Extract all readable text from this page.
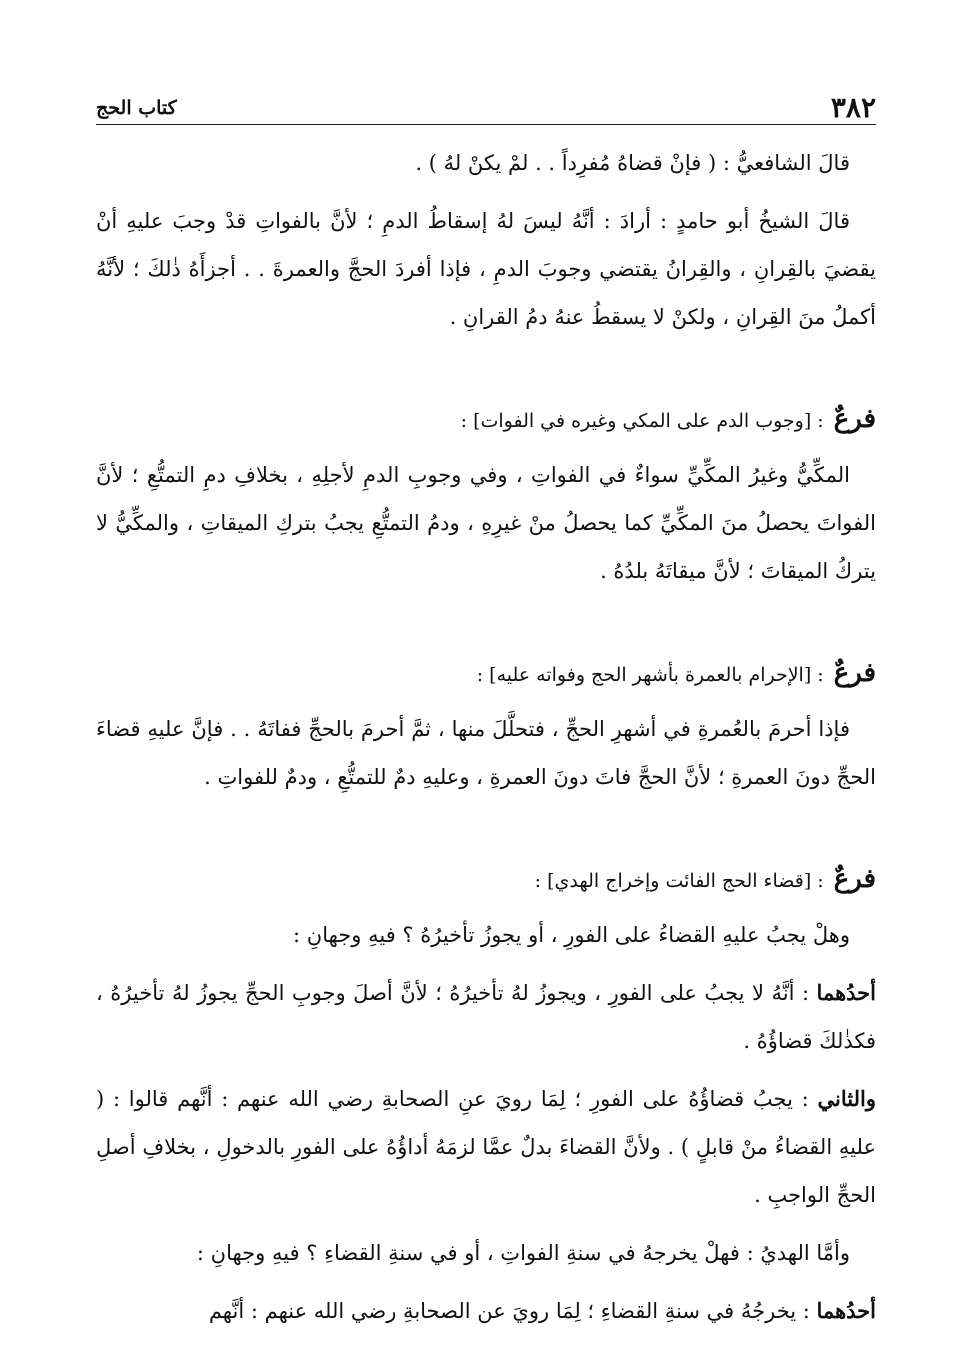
٣٨٢
كتاب الحج

قالَ الشافعيُّ : ( فإنْ قضاهُ مُفرِداً . . لمْ يكنْ لهُ ) .

قالَ الشيخُ أبو حامدٍ : أرادَ : أنَّهُ ليسَ لهُ إسقاطُ الدمِ ؛ لأنَّ بالفواتِ قدْ وجبَ عليهِ أنْ يقضيَ بالقِرانِ ، والقِرانُ يقتضي وجوبَ الدمِ ، فإذا أفردَ الحجَّ والعمرةَ . . أجزأَهُ ذٰلكَ ؛ لأنَّهُ أكملُ منَ القِرانِ ، ولكنْ لا يسقطُ عنهُ دمُ القرانِ .

فرعٌ: [وجوب الدم على المكي وغيره في الفوات] :

المكِّيُّ وغيرُ المكِّيِّ سواءٌ في الفواتِ ، وفي وجوبِ الدمِ لأجلِهِ ، بخلافِ دمِ التمتُّعِ ؛ لأنَّ الفواتَ يحصلُ منَ المكِّيِّ كما يحصلُ منْ غيرِهِ ، ودمُ التمتُّعِ يجبُ بتركِ الميقاتِ ، والمكِّيُّ لا يتركُ الميقاتَ ؛ لأنَّ ميقاتَهُ بلدُهُ .

فرعٌ: [الإحرام بالعمرة بأشهر الحج وفواته عليه] :

فإذا أحرمَ بالعُمرةِ في أشهرِ الحجِّ ، فتحلَّلَ منها ، ثمَّ أحرمَ بالحجِّ ففاتَهُ . . فإنَّ عليهِ قضاءَ الحجِّ دونَ العمرةِ ؛ لأنَّ الحجَّ فاتَ دونَ العمرةِ ، وعليهِ دمٌ للتمتُّعِ ، ودمٌ للفواتِ .

فرعٌ: [قضاء الحج الفائت وإخراج الهدي] :

وهلْ يجبُ عليهِ القضاءُ على الفورِ ، أو يجوزُ تأخيرُهُ ؟ فيهِ وجهانِ :

أحدُهما : أنَّهُ لا يجبُ على الفورِ ، ويجوزُ لهُ تأخيرُهُ ؛ لأنَّ أصلَ وجوبِ الحجِّ يجوزُ لهُ تأخيرُهُ ، فكذٰلكَ قضاؤُهُ .

والثاني : يجبُ قضاؤُهُ على الفورِ ؛ لِمَا رويَ عنِ الصحابةِ رضي الله عنهم : أنَّهم قالوا : ( عليهِ القضاءُ منْ قابلٍ ) . ولأنَّ القضاءَ بدلٌ عمَّا لزمَهُ أداؤُهُ على الفورِ بالدخولِ ، بخلافِ أصلِ الحجِّ الواجبِ .

وأمَّا الهديُ : فهلْ يخرجهُ في سنةِ الفواتِ ، أو في سنةِ القضاءِ ؟ فيهِ وجهانِ :

أحدُهما : يخرجُهُ في سنةِ القضاءِ ؛ لِمَا رويَ عن الصحابةِ رضي الله عنهم : أنَّهم
